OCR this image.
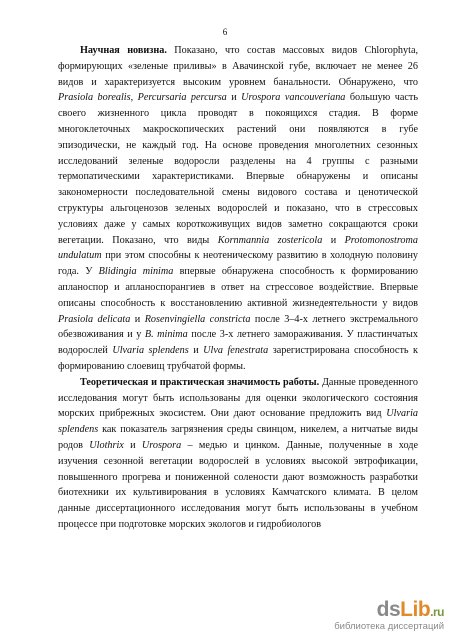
6

Научная новизна. Показано, что состав массовых видов Chlorophyta, формирующих «зеленые приливы» в Авачинской губе, включает не менее 26 видов и характеризуется высоким уровнем банальности. Обнаружено, что Prasiola borealis, Percursaria percursa и Urospora vancouveriana большую часть своего жизненного цикла проводят в покоящихся стадия. В форме многоклеточных макроскопических растений они появляются в губе эпизодически, не каждый год. На основе проведения многолетних сезонных исследований зеленые водоросли разделены на 4 группы с разными термопатическими характеристиками. Впервые обнаружены и описаны закономерности последовательной смены видового состава и ценотической структуры альгоценозов зеленых водорослей и показано, что в стрессовых условиях даже у самых короткоживущих видов заметно сокращаются сроки вегетации. Показано, что виды Kornmannia zostericola и Protomonostroma undulatum при этом способны к неотеническому развитию в холодную половину года. У Blidingia minima впервые обнаружена способность к формированию апланоспор и апланоспорангиев в ответ на стрессовое воздействие. Впервые описаны способность к восстановлению активной жизнедеятельности у видов Prasiola delicata и Rosenvingiella constricta после 3–4-х летнего экстремального обезвоживания и у B. minima после 3-х летнего замораживания. У пластинчатых водорослей Ulvaria splendens и Ulva fenestrata зарегистрирована способность к формированию слоевищ трубчатой формы.

Теоретическая и практическая значимость работы. Данные проведенного исследования могут быть использованы для оценки экологического состояния морских прибрежных экосистем. Они дают основание предложить вид Ulvaria splendens как показатель загрязнения среды свинцом, никелем, а нитчатые виды родов Ulothrix и Urospora – медью и цинком. Данные, полученные в ходе изучения сезонной вегетации водорослей в условиях высокой эвтрофикации, повышенного прогрева и пониженной солености дают возможность разработки биотехники их культивирования в условиях Камчатского климата. В целом данные диссертационного исследования могут быть использованы в учебном процессе при подготовке морских экологов и гидробиологов

dsLib.ru
библиотека диссертаций
